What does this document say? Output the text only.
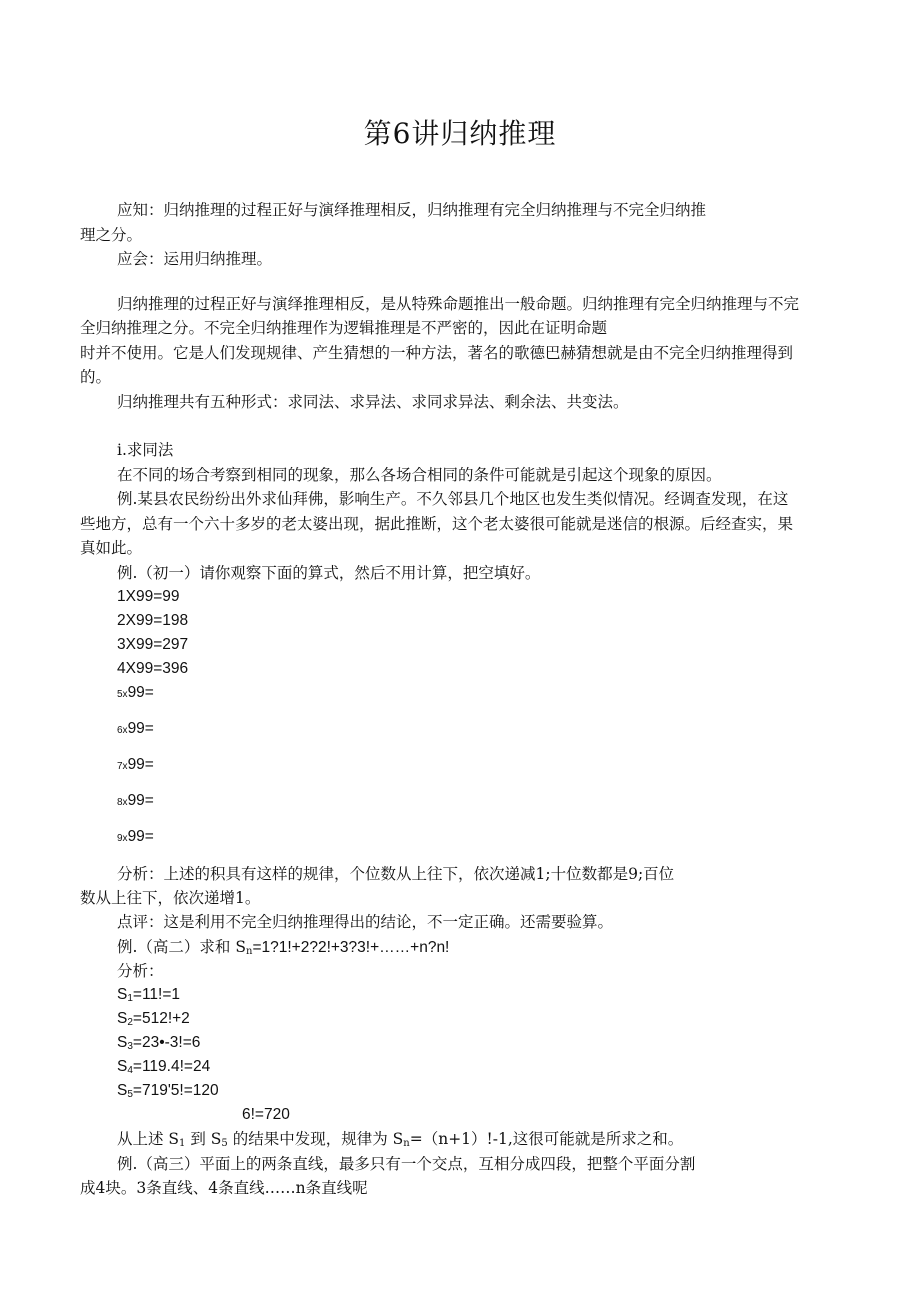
第6讲归纳推理

应知：归纳推理的过程正好与演绎推理相反，归纳推理有完全归纳推理与不完全归纳推

理之分。

应会：运用归纳推理。

归纳推理的过程正好与演绎推理相反，是从特殊命题推出一般命题。归纳推理有完全归纳推理与不完

全归纳推理之分。不完全归纳推理作为逻辑推理是不严密的，因此在证明命题

时并不使用。它是人们发现规律、产生猜想的一种方法，著名的歌德巴赫猜想就是由不完全归纳推理得到

的。

归纳推理共有五种形式：求同法、求异法、求同求异法、剩余法、共变法。

i.求同法

在不同的场合考察到相同的现象，那么各场合相同的条件可能就是引起这个现象的原因。

例.某县农民纷纷出外求仙拜佛，影响生产。不久邻县几个地区也发生类似情况。经调查发现，在这

些地方，总有一个六十多岁的老太婆出现，据此推断，这个老太婆很可能就是迷信的根源。后经查实，果

真如此。

例.（初一）请你观察下面的算式，然后不用计算，把空填好。

1X99=99

2X99=198

3X99=297

4X99=396

5x99=

6x99=

7x99=

8x99=

9x99=

分析：上述的积具有这样的规律，个位数从上往下，依次递减1;十位数都是9;百位

数从上往下，依次递增1。

点评：这是利用不完全归纳推理得出的结论，不一定正确。还需要验算。

例.（高二）求和 $S_n=1?1!+2?2!+3?3!+\dots\dots+n?n$!

分析：

$S_1=11!=1$

$S_2=512!+2$

$S_3=23•-3!=6$

$S_4=119.4!=24$

$S_5=719'5!=120$

6!=720

从上述 $S_1$ 到 $S_5$ 的结果中发现，规律为 $S_n=(n+1)!-1$,这很可能就是所求之和。

例.（高三）平面上的两条直线，最多只有一个交点，互相分成四段，把整个平面分割

成4块。3条直线、4条直线……n条直线呢
